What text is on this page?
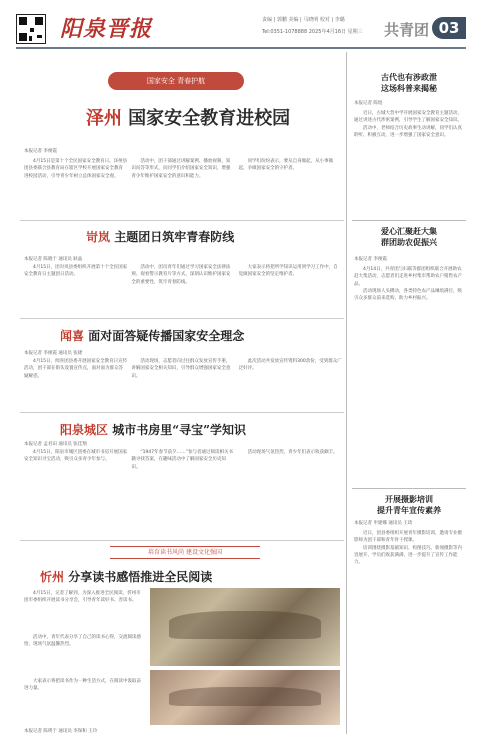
阳泉晋报	责编 | 郭鹏 美编 | 马晓明 校对 | 李璐
Tel:0351-1078888 2025年4月16日 星期三 共青团 03
国家安全 青春护航
泽州 国家安全教育进校园
本报记者 李俊霞

4月15日是第十个全民国家安全教育日。泽州县团县委联合县教育局在辖区学校开展国家安全教育进校园活动，引导青少年树立总体国家安全观。

活动中，团干部通过讲解案例、播放视频、知识问答等形式，向同学们介绍国家安全知识，增强青少年维护国家安全的意识和能力。

同学们纷纷表示，要从自身做起，从小事做起，争做国家安全的守护者。

岢岚 主题团日筑牢青春防线
本报记者 陈晓于 通讯员 耿晶

4月15日，团岢岚县委组织开展第十个全民国家安全教育日主题团日活动。

活动中，团员青年们通过学习国家安全法律法规、观看警示教育片等方式，深刻认识维护国家安全的重要性，筑牢青春防线。

大家表示将把所学知识运用到学习工作中，自觉做国家安全的坚定维护者。

闻喜 面对面答疑传播国家安全理念
本报记者 李俊霞 通讯员 张捷

4月15日，闻喜团县委开展国家安全教育日宣传活动，团干部在街头设置宣传点，面对面为群众答疑解惑。

活动现场，志愿者向过往群众发放宣传手册，讲解国家安全相关知识，引导群众增强国家安全意识。

此次活动共发放宣传资料300余份，受到群众广泛好评。

阳泉城区 城市书房里“寻宝”学知识
本报记者 孟君田 通讯员 张佳翔

4月15日，阳泉市城区团委在城市书房开展国家安全知识寻宝活动，吸引众多青少年参与。

“1947年春节前夕……”参与者通过阅读相关书籍寻找答案，在趣味活动中了解国家安全历史知识。

活动现场气氛热烈，青少年们表示收获颇丰。

培育读书风尚 建设文化强国
忻州 分享读书感悟推进全民阅读

4月15日，记者了解到，为深入推进全民阅读，忻州市团市委组织开展读书分享会，引导青年读好书、善读书。

活动中，青年代表分享了自己的读书心得，交流阅读感悟，现场气氛温馨热烈。

大家表示将把读书作为一种生活方式，在阅读中汲取奋进力量。

本报记者 陈瑛于 通讯员 李保和 王玲
古代也有涉政泄
这场科普来揭秘
本报记者 陈煜

近日，古城大营中学开展国家安全教育主题活动，通过讲述古代涉密案例，引导学生了解国家安全知识。

活动中，老师结合历史故事生动讲解，同学们认真聆听、积极互动，进一步增强了国家安全意识。

爱心汇聚赶大集
群团助农促振兴
本报记者 李俊霞

4月14日，共青团与妇联等群团组织联合开展助农赶大集活动，志愿者们走进乡村集市帮助农户销售农产品。

活动现场人头攒动，各类特色农产品琳琅满目，吸引众多群众前来选购，助力乡村振兴。

开展摄影培训
提升青年宣传素养
本报记者 申建娜 通讯员 王琦

近日，团县委组织开展青年摄影培训，邀请专业摄影师为团干部和青年骨干授课。

培训围绕摄影基础知识、构图技巧、新闻摄影等内容展开，学员们收获满满，进一步提升了宣传工作能力。
